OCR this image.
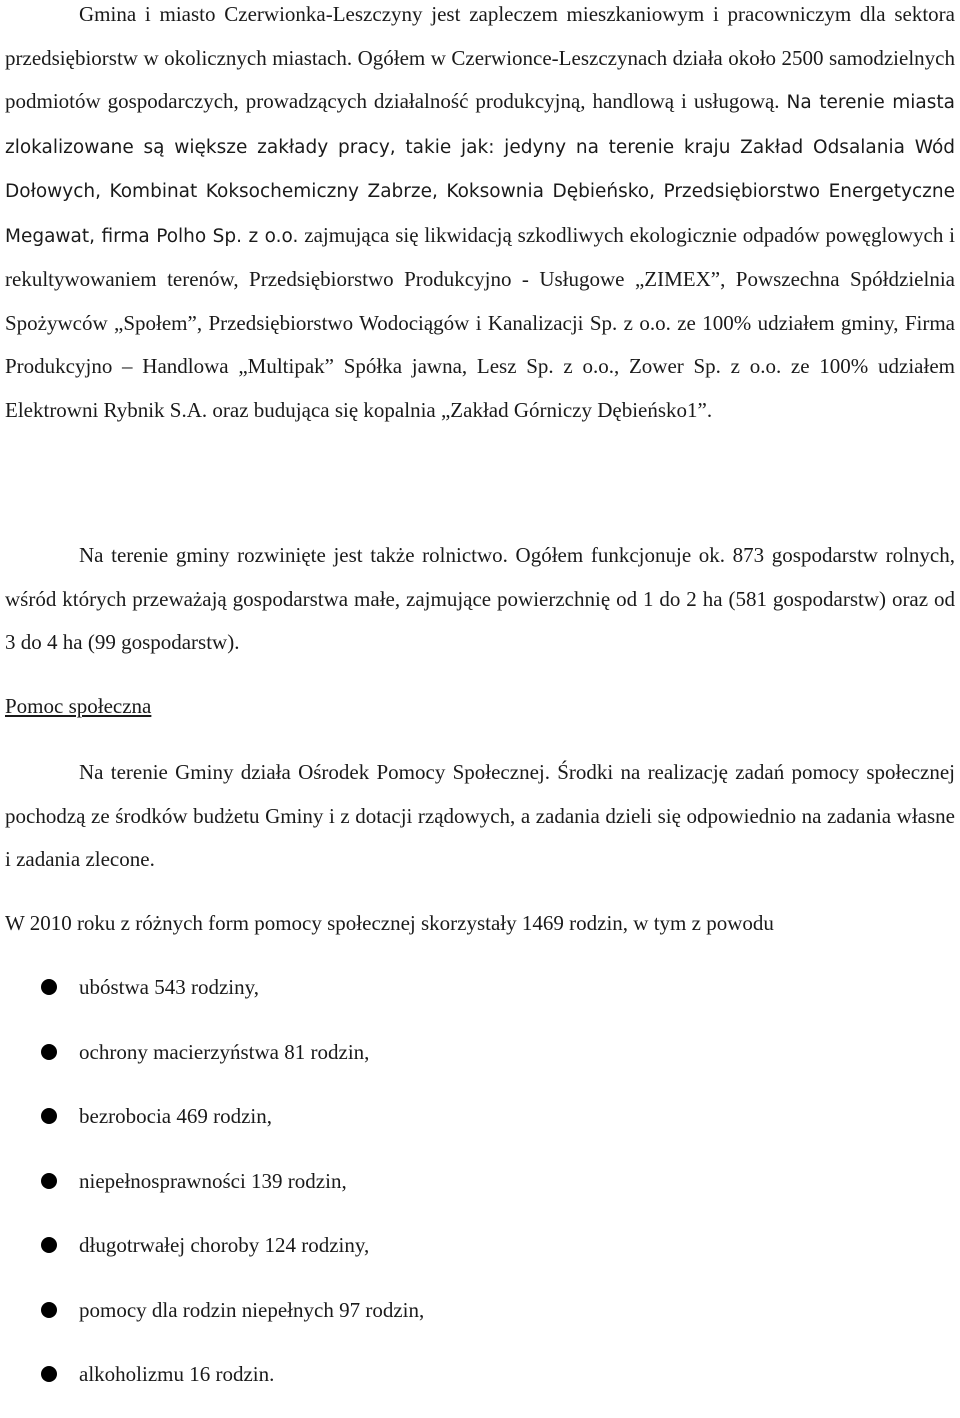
Gmina i miasto Czerwionka-Leszczyny jest zapleczem mieszkaniowym i pracowniczym dla sektora przedsiębiorstw w okolicznych miastach. Ogółem w Czerwionce-Leszczynach działa około 2500 samodzielnych podmiotów gospodarczych, prowadzących działalność produkcyjną, handlową i usługową. Na terenie miasta zlokalizowane są większe zakłady pracy, takie jak: jedyny na terenie kraju Zakład Odsalania Wód Dołowych, Kombinat Koksochemiczny Zabrze, Koksownia Dębieńsko, Przedsiębiorstwo Energetyczne Megawat, firma Polho Sp. z o.o. zajmująca się likwidacją szkodliwych ekologicznie odpadów powęglowych i rekultywowaniem terenów, Przedsiębiorstwo Produkcyjno - Usługowe „ZIMEX”, Powszechna Spółdzielnia Spożywców „Społem”, Przedsiębiorstwo Wodociągów i Kanalizacji Sp. z o.o. ze 100% udziałem gminy, Firma Produkcyjno – Handlowa „Multipak” Spółka jawna, Lesz Sp. z o.o., Zower Sp. z o.o. ze 100% udziałem Elektrowni Rybnik S.A. oraz budująca się kopalnia „Zakład Górniczy Dębieńsko1”.

Na terenie gminy rozwinięte jest także rolnictwo. Ogółem funkcjonuje ok. 873 gospodarstw rolnych, wśród których przeważają gospodarstwa małe, zajmujące powierzchnię od 1 do 2 ha (581 gospodarstw) oraz od 3 do 4 ha (99 gospodarstw).

Pomoc społeczna

Na terenie Gminy działa Ośrodek Pomocy Społecznej. Środki na realizację zadań pomocy społecznej pochodzą ze środków budżetu Gminy i z dotacji rządowych, a zadania dzieli się odpowiednio na zadania własne i zadania zlecone.

W 2010 roku z różnych form pomocy społecznej skorzystały 1469 rodzin, w tym z powodu

ubóstwa 543 rodziny,
ochrony macierzyństwa 81 rodzin,
bezrobocia 469 rodzin,
niepełnosprawności 139 rodzin,
długotrwałej choroby 124 rodziny,
pomocy dla rodzin niepełnych 97 rodzin,
alkoholizmu 16 rodzin.
